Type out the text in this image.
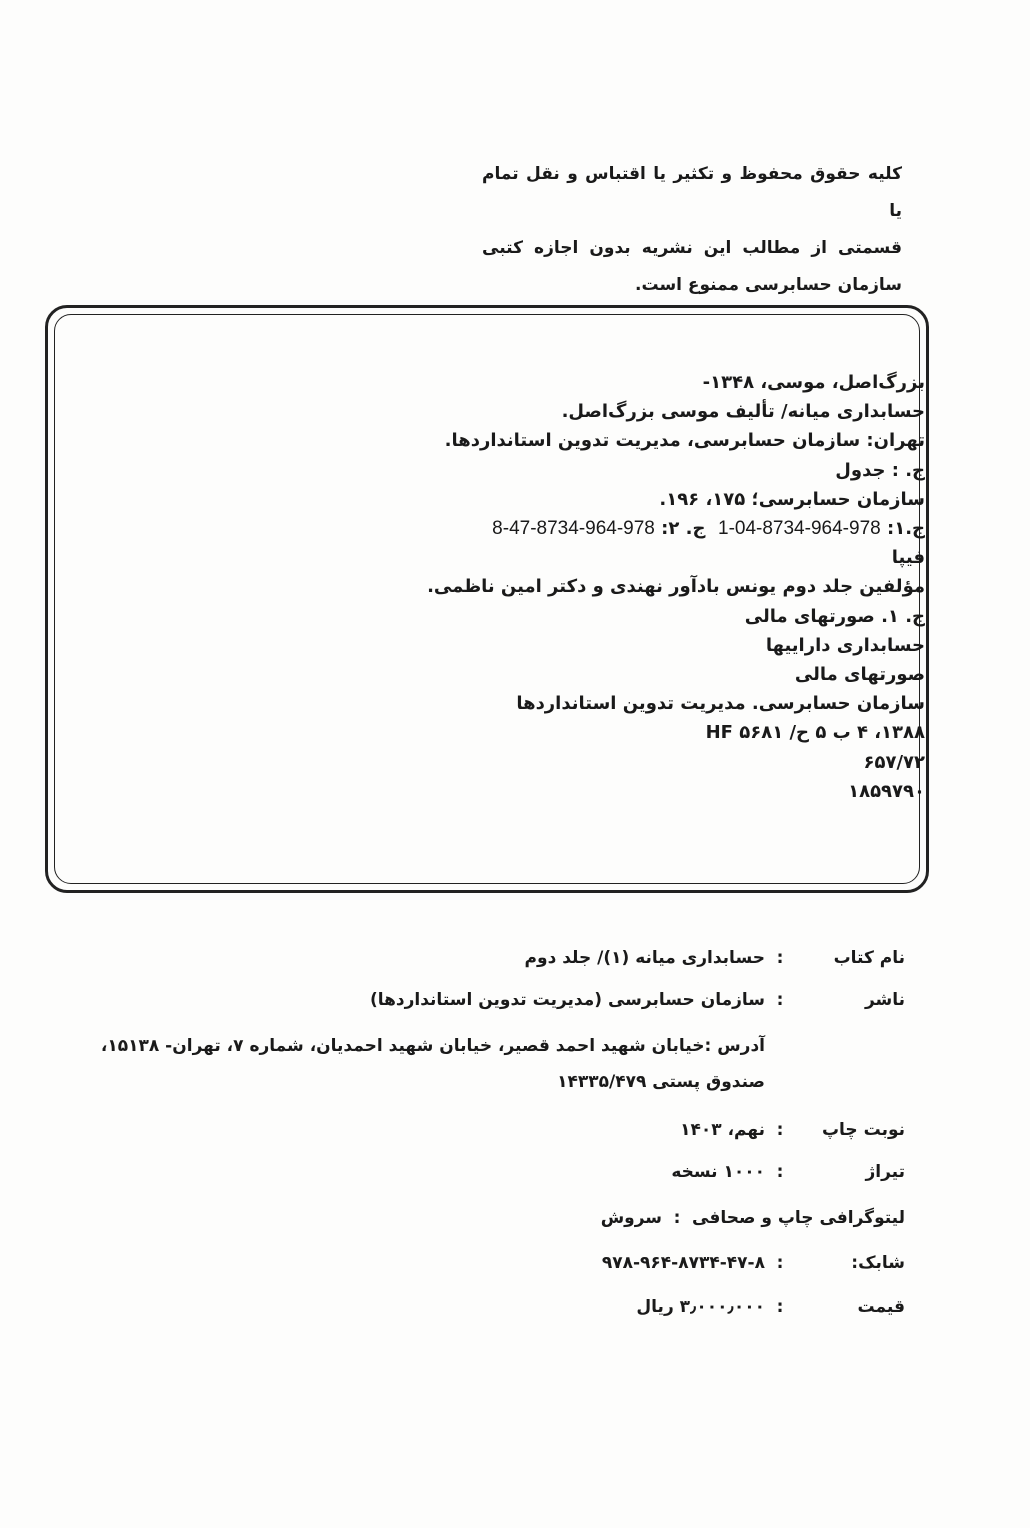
کلیه حقوق محفوظ و تکثیر یا اقتباس و نقل تمام یا
قسمتی از مطالب این نشریه بدون اجازه کتبی
سازمان حسابرسی ممنوع است.
بزرگ‌اصل، موسی، ۱۳۴۸-
حسابداری میانه/ تألیف موسی بزرگ‌اصل.
تهران: سازمان حسابرسی، مدیریت تدوین استانداردها.
ج. : جدول
سازمان حسابرسی؛ ۱۷۵، ۱۹۶.
ج.۱: 978-964-8734-04-1  ج. ۲: 978-964-8734-47-8
فیپا
مؤلفین جلد دوم یونس بادآور نهندی و دکتر امین ناظمی.
ج. ۱. صورتهای مالی
حسابداری داراییها
صورتهای مالی
سازمان حسابرسی. مدیریت تدوین استانداردها
۱۳۸۸، ۴ ب ۵ ح/ ۵۶۸۱ HF
۶۵۷/۷۲
۱۸۵۹۷۹۰
نام کتاب
:
حسابداری میانه (۱)/ جلد دوم
ناشر
:
سازمان حسابرسی (مدیریت تدوین استانداردها)
آدرس :خیابان شهید احمد قصیر، خیابان شهید احمدیان، شماره ۷، تهران- ۱۵۱۳۸،
صندوق پستی ۱۴۳۳۵/۴۷۹
نوبت چاپ
:
نهم، ۱۴۰۳
تیراژ
:
۱۰۰۰ نسخه
لیتوگرافی چاپ و صحافی
:
سروش
شابک:
:
۹۷۸-۹۶۴-۸۷۳۴-۴۷-۸
قیمت
:
۳٫۰۰۰٫۰۰۰ ریال
